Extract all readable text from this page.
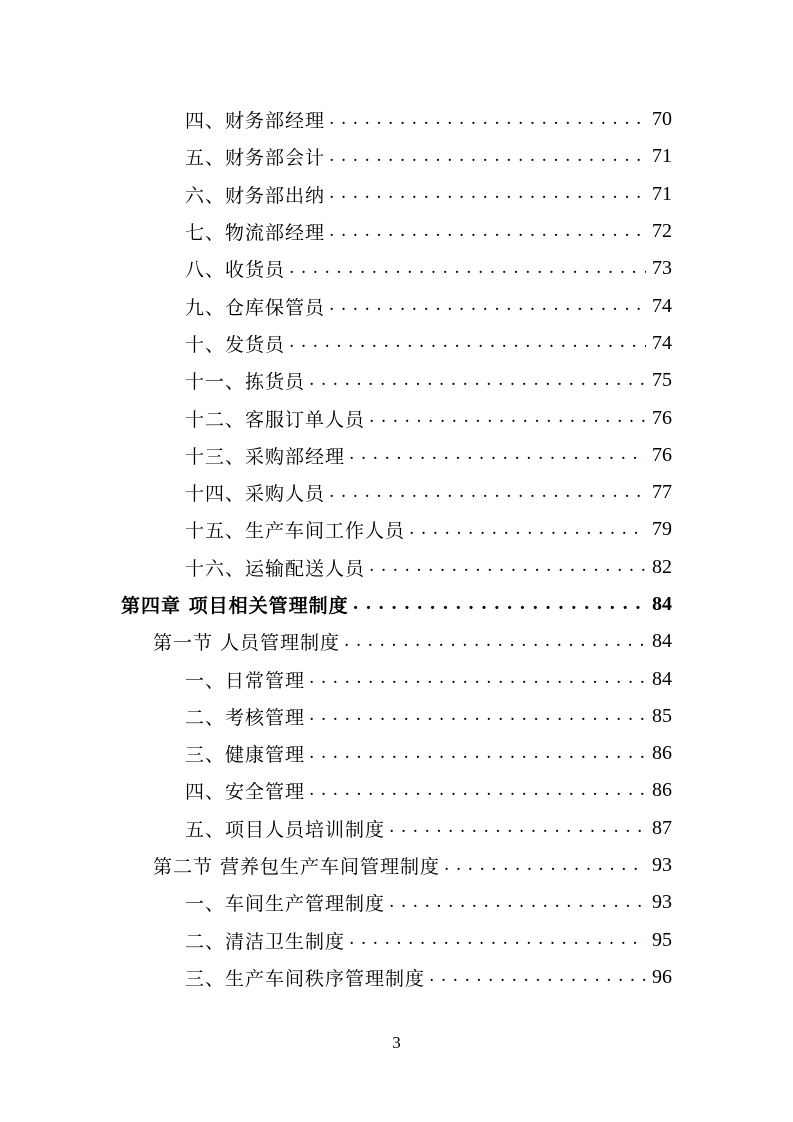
四、财务部经理 . . .	70
五、财务部会计 . . .	71
六、财务部出纳 . . .	71
七、物流部经理 . . .	72
八、收货员 . . .	73
九、仓库保管员 . . .	74
十、发货员 . . .	74
十一、拣货员 . . .	75
十二、客服订单人员 . . .	76
十三、采购部经理 . . .	76
十四、采购人员 . . .	77
十五、生产车间工作人员 . . .	79
十六、运输配送人员 . . .	82
第四章 项目相关管理制度 . . .	84
第一节 人员管理制度 . . .	84
一、日常管理 . . .	84
二、考核管理 . . .	85
三、健康管理 . . .	86
四、安全管理 . . .	86
五、项目人员培训制度 . . .	87
第二节 营养包生产车间管理制度 . . .	93
一、车间生产管理制度 . . .	93
二、清洁卫生制度 . . .	95
三、生产车间秩序管理制度 . . .	96
3
